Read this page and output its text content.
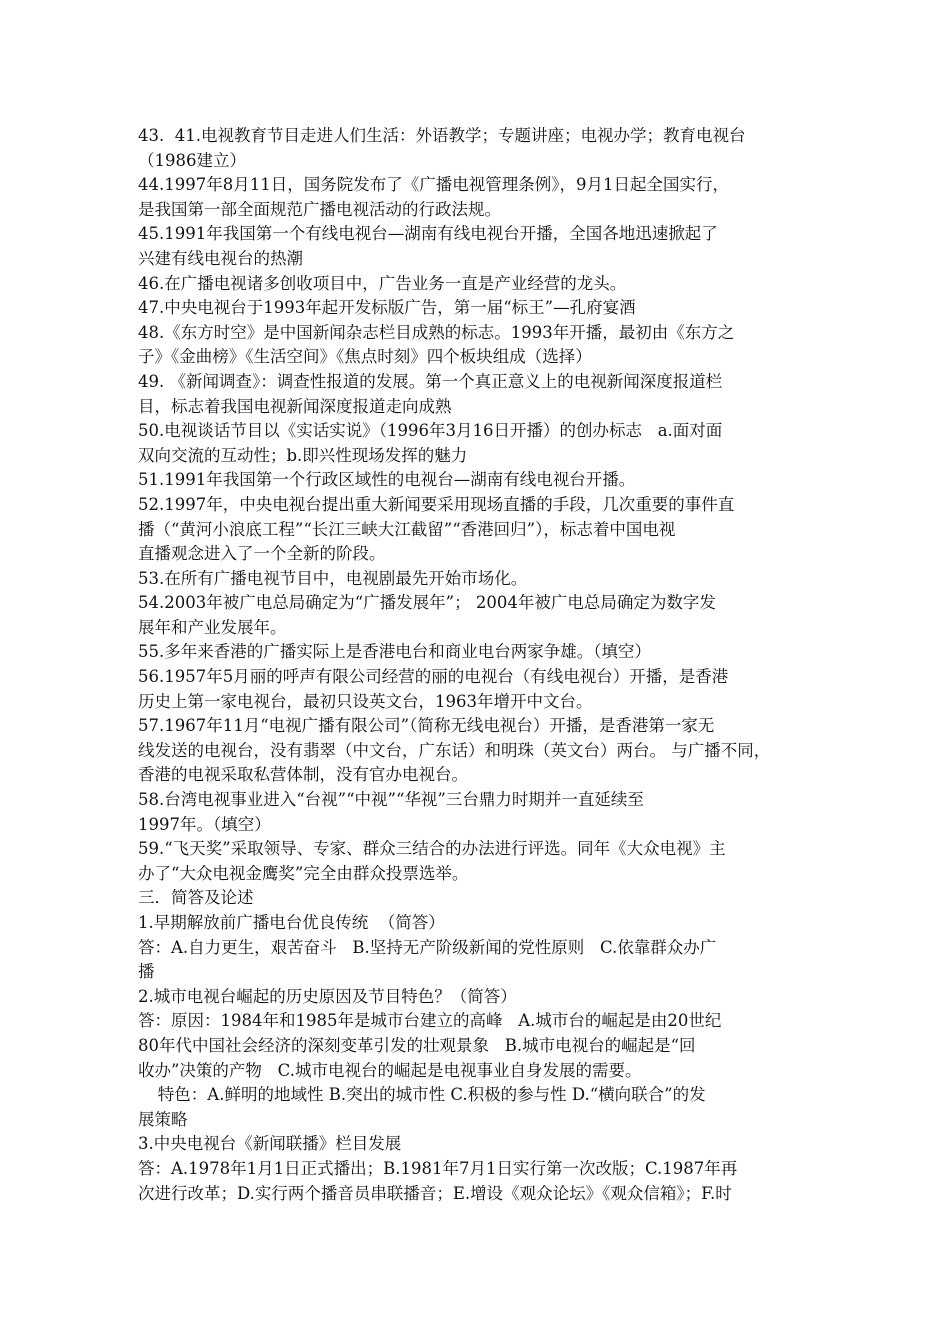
43.  41.电视教育节目走进人们生活：外语教学；专题讲座；电视办学；教育电视台
（1986建立）
44.1997年8月11日，国务院发布了《广播电视管理条例》，9月1日起全国实行，
是我国第一部全面规范广播电视活动的行政法规。
45.1991年我国第一个有线电视台—湖南有线电视台开播，全国各地迅速掀起了
兴建有线电视台的热潮
46.在广播电视诸多创收项目中，广告业务一直是产业经营的龙头。
47.中央电视台于1993年起开发标版广告，第一届“标王”—孔府宴酒
48.《东方时空》是中国新闻杂志栏目成熟的标志。1993年开播，最初由《东方之
子》《金曲榜》《生活空间》《焦点时刻》四个板块组成（选择）
49. 《新闻调查》：调查性报道的发展。第一个真正意义上的电视新闻深度报道栏
目，标志着我国电视新闻深度报道走向成熟
50.电视谈话节目以《实话实说》（1996年3月16日开播）的创办标志   a.面对面
双向交流的互动性；b.即兴性现场发挥的魅力
51.1991年我国第一个行政区域性的电视台—湖南有线电视台开播。
52.1997年，中央电视台提出重大新闻要采用现场直播的手段，几次重要的事件直
播（“黄河小浪底工程”“长江三峡大江截留”“香港回归”），标志着中国电视
直播观念进入了一个全新的阶段。
53.在所有广播电视节目中，电视剧最先开始市场化。
54.2003年被广电总局确定为“广播发展年”； 2004年被广电总局确定为数字发
展年和产业发展年。
55.多年来香港的广播实际上是香港电台和商业电台两家争雄。（填空）
56.1957年5月丽的呼声有限公司经营的丽的电视台（有线电视台）开播，是香港
历史上第一家电视台，最初只设英文台，1963年增开中文台。
57.1967年11月“电视广播有限公司”（简称无线电视台）开播，是香港第一家无
线发送的电视台，没有翡翠（中文台，广东话）和明珠（英文台）两台。 与广播不同，
香港的电视采取私营体制，没有官办电视台。
58.台湾电视事业进入“台视”“中视”“华视”三台鼎力时期并一直延续至
1997年。（填空）
59.“飞天奖”采取领导、专家、群众三结合的办法进行评选。同年《大众电视》主
办了“大众电视金鹰奖”完全由群众投票选举。
三．简答及论述
1.早期解放前广播电台优良传统  （简答）
答：A.自力更生，艰苦奋斗   B.坚持无产阶级新闻的党性原则   C.依靠群众办广
播
2.城市电视台崛起的历史原因及节目特色？（简答）
答：原因：1984年和1985年是城市台建立的高峰   A.城市台的崛起是由20世纪
80年代中国社会经济的深刻变革引发的壮观景象   B.城市电视台的崛起是“回
收办”决策的产物   C.城市电视台的崛起是电视事业自身发展的需要。
特色：A.鲜明的地域性 B.突出的城市性 C.积极的参与性 D.“横向联合”的发
展策略
3.中央电视台《新闻联播》栏目发展
答：A.1978年1月1日正式播出；B.1981年7月1日实行第一次改版；C.1987年再
次进行改革；D.实行两个播音员串联播音；E.增设《观众论坛》《观众信箱》；F.时
